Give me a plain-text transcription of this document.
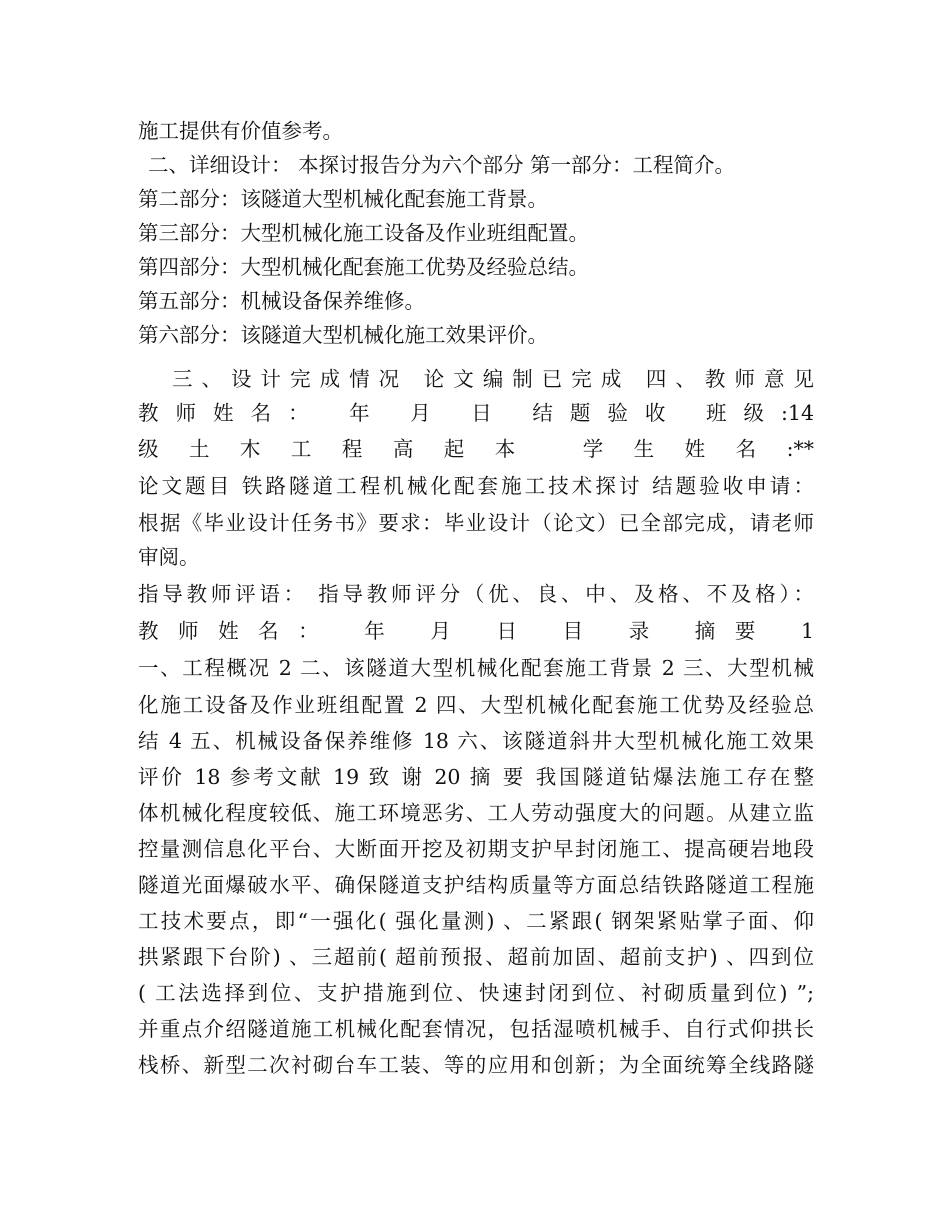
施工提供有价值参考。
二、详细设计： 本探讨报告分为六个部分 第一部分：工程简介。
第二部分：该隧道大型机械化配套施工背景。
第三部分：大型机械化施工设备及作业班组配置。
第四部分：大型机械化配套施工优势及经验总结。
第五部分：机械设备保养维修。
第六部分：该隧道大型机械化施工效果评价。
三、设计完成情况 论文编制已完成 四、教师意见
教师姓名： 年 月 日 结题验收 班级:14
级土木工程高起本 学生姓名:**
论文题目 铁路隧道工程机械化配套施工技术探讨 结题验收申请：
根据《毕业设计任务书》要求：毕业设计（论文）已全部完成，请老师
审阅。
指导教师评语： 指导教师评分（优、良、中、及格、不及格）：
教师姓名： 年 月 日 目 录 摘要 1
一、工程概况 2 二、该隧道大型机械化配套施工背景 2 三、大型机械
化施工设备及作业班组配置 2 四、大型机械化配套施工优势及经验总
结 4 五、机械设备保养维修 18 六、该隧道斜井大型机械化施工效果
评价 18 参考文献 19 致 谢 20 摘 要 我国隧道钻爆法施工存在整
体机械化程度较低、施工环境恶劣、工人劳动强度大的问题。从建立监
控量测信息化平台、大断面开挖及初期支护早封闭施工、提高硬岩地段
隧道光面爆破水平、确保隧道支护结构质量等方面总结铁路隧道工程施
工技术要点，即“一强化( 强化量测) 、二紧跟( 钢架紧贴掌子面、仰
拱紧跟下台阶) 、三超前( 超前预报、超前加固、超前支护) 、四到位
( 工法选择到位、支护措施到位、快速封闭到位、衬砌质量到位) ”;
并重点介绍隧道施工机械化配套情况，包括湿喷机械手、自行式仰拱长
栈桥、新型二次衬砌台车工装、等的应用和创新；为全面统筹全线路隧
